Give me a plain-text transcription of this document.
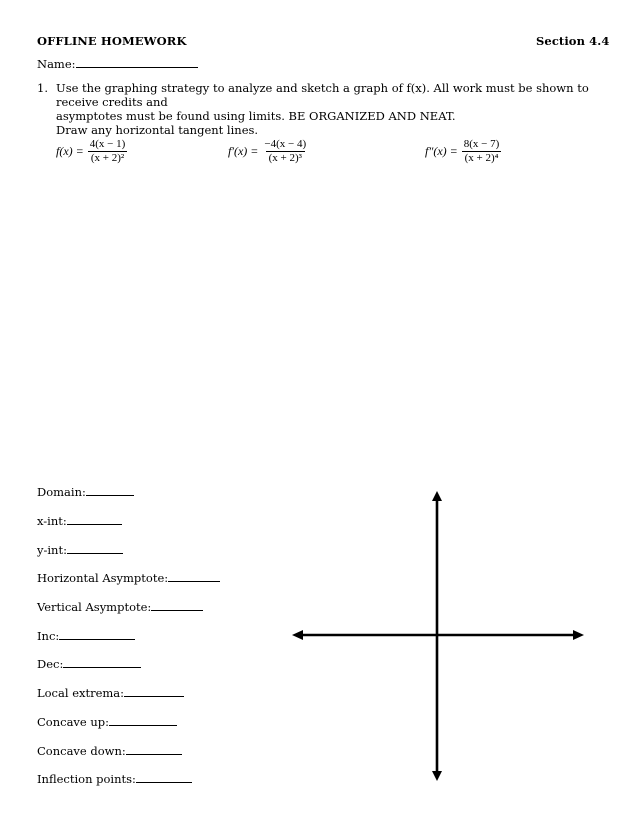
OFFLINE HOMEWORK	Section 4.4
Name:
1. Use the graphing strategy to analyze and sketch a graph of f(x). All work must be shown to receive credits and
asymptotes must be found using limits. BE ORGANIZED AND NEAT.
Draw any horizontal tangent lines.
$f(x) = \frac{4(x - 1)}{\text{(x + 2)²}}$	$f'(x) = \frac{-4(x - 4)}{\text{(x + 2)³}}$	$f''(x) = \frac{8(x - 7)}{\text{(x + 2)⁴}}$
Domain:
x-int:
y-int:
Horizontal Asymptote:
Vertical Asymptote:
Inc:
Dec:
Local extrema:
Concave up:
Concave down:
Inflection points:
